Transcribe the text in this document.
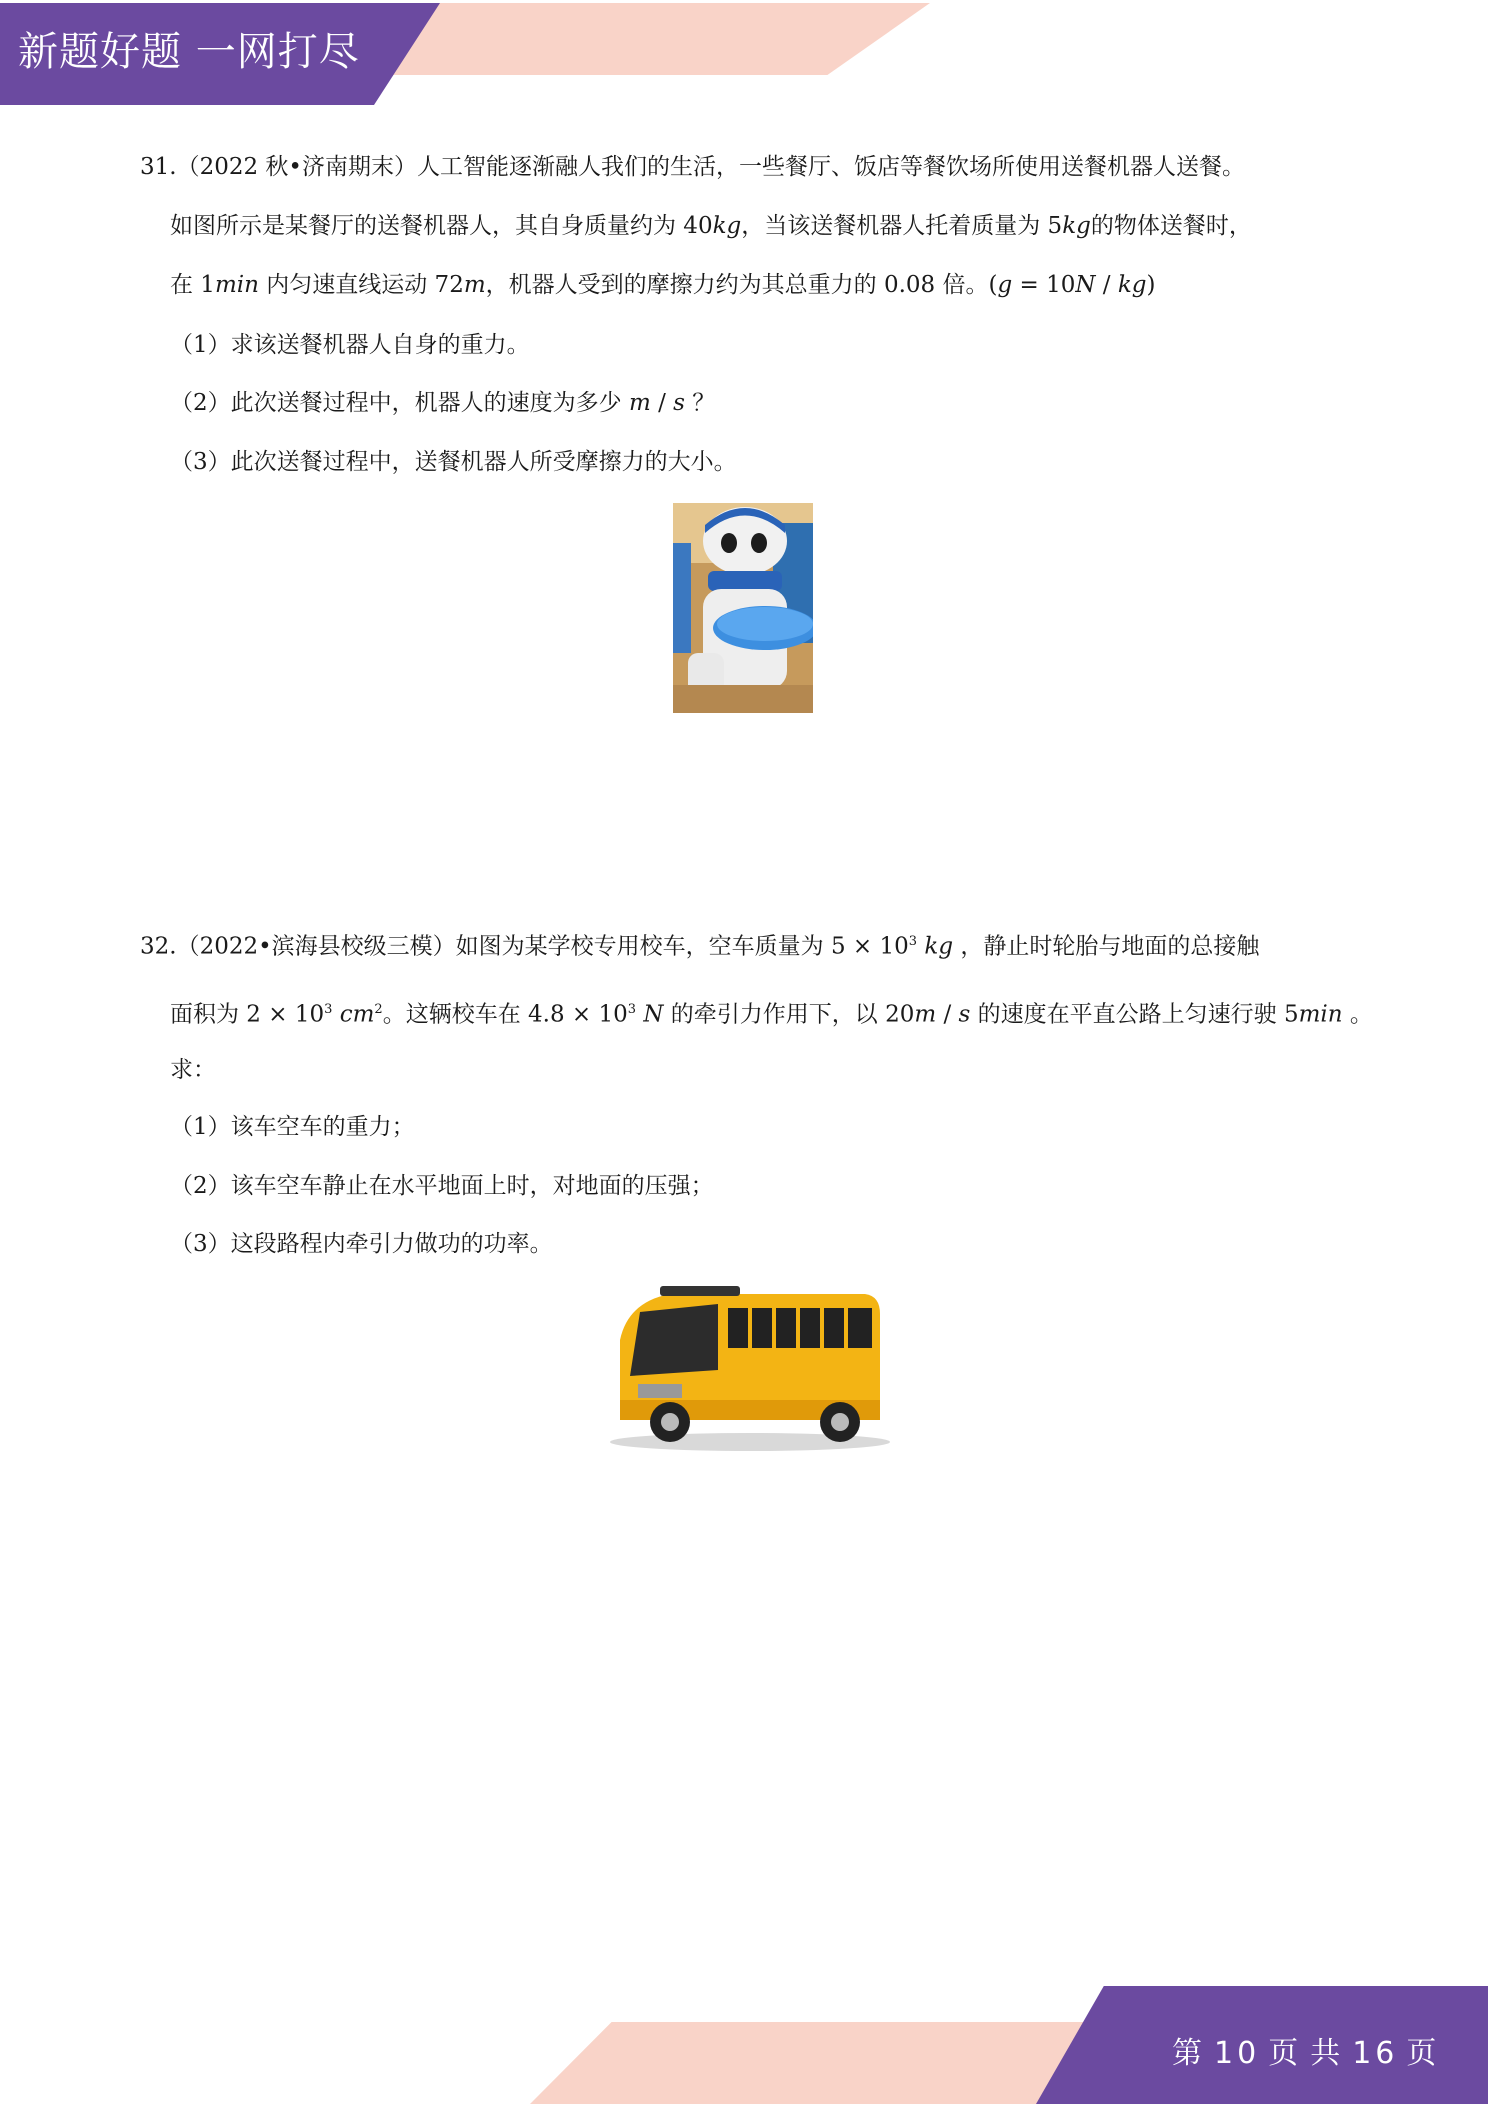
新题好题 一网打尽
31.（2022 秋•济南期末）人工智能逐渐融人我们的生活，一些餐厅、饭店等餐饮场所使用送餐机器人送餐。
如图所示是某餐厅的送餐机器人，其自身质量约为 40kg，当该送餐机器人托着质量为 5kg的物体送餐时，
在 1min 内匀速直线运动 72m，机器人受到的摩擦力约为其总重力的 0.08 倍。(g = 10N / kg)
（1）求该送餐机器人自身的重力。
（2）此次送餐过程中，机器人的速度为多少 m / s ？
（3）此次送餐过程中，送餐机器人所受摩擦力的大小。
32.（2022•滨海县校级三模）如图为某学校专用校车，空车质量为 $5 \times 10^3$ kg ，静止时轮胎与地面的总接触
面积为 $2 \times 10^3$ $cm^2$。这辆校车在 $4.8 \times 10^3$ N 的牵引力作用下，以 20m / s 的速度在平直公路上匀速行驶 5min 。
求：
（1）该车空车的重力；
（2）该车空车静止在水平地面上时，对地面的压强；
（3）这段路程内牵引力做功的功率。
第 10 页 共 16 页
